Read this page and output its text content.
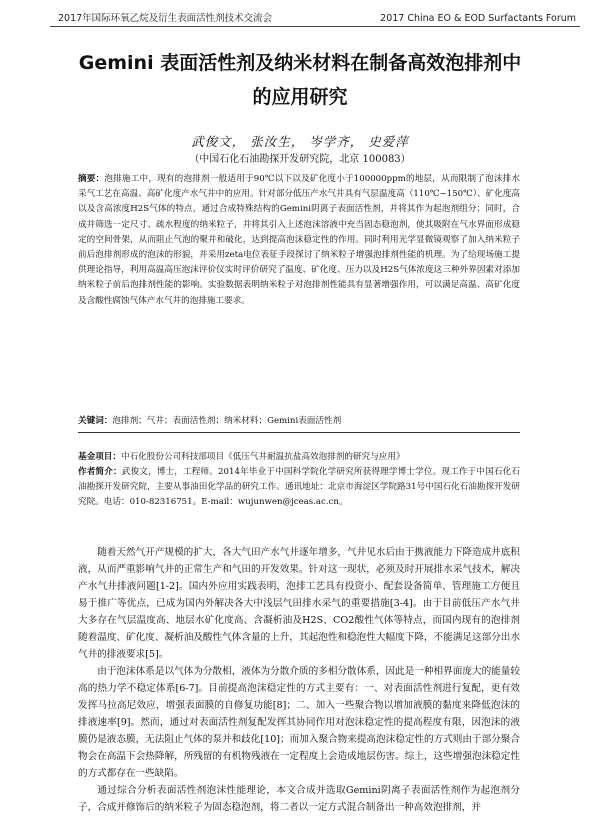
2017年国际环氧乙烷及衍生表面活性剂技术交流会	2017 China EO & EOD Surfactants Forum
Gemini 表面活性剂及纳米材料在制备高效泡排剂中
的应用研究
武俊文， 张汝生， 岑学齐， 史爱萍
（中国石化石油勘探开发研究院，北京 100083）
摘要：泡排施工中，现有的泡排剂一般适用于90℃以下以及矿化度小于100000ppm的地层，从而限制了泡沫排水采气工艺在高温、高矿化度产水气井中的应用。针对部分低压产水气井具有气层温度高（110℃~150℃）、矿化度高以及含高浓度H2S气体的特点，通过合成特殊结构的Gemini阴离子表面活性剂，并将其作为起泡剂组分；同时，合成并筛选一定尺寸、疏水程度的纳米粒子，并将其引入上述泡沫溶液中充当固态稳泡剂，使其吸附在气水界面形成稳定的空间骨架，从而阻止气泡的聚并和破化，达到提高泡沫稳定性的作用。同时利用光学显微镜观察了加入纳米粒子前后泡排剂形成的泡沫的形貌，并采用zeta电位表征手段探讨了纳米粒子增强泡排剂性能的机理。为了给现场施工提供理论指导，利用高温高压泡沫评价仪实时评价研究了温度、矿化度、压力以及H2S气体浓度这三种外界因素对添加纳米粒子前后泡排剂性能的影响。实验数据表明纳米粒子对泡排剂性能具有显著增强作用，可以满足高温、高矿化度及含酸性腐蚀气体产水气井的泡排施工要求。
关键词：泡排剂；气井；表面活性剂；纳米材料；Gemini表面活性剂
基金项目：中石化股份公司科技部项目《低压气井耐温抗盐高效泡排剂的研究与应用》
作者简介：武俊文，博士，工程师。2014年毕业于中国科学院化学研究所获得理学博士学位。现工作于中国石化石油勘探开发研究院，主要从事油田化学品的研究工作。通讯地址：北京市海淀区学院路31号中国石化石油勘探开发研究院。电话：010-82316751。E-mail：wujunwen@jceas.ac.cn。

随着天然气开产规模的扩大，各大气田产水气井逐年增多，气井见水后由于携液能力下降造成井底积液，从而严重影响气井的正常生产和气田的开发效果。针对这一现状，必须及时开展排水采气技术，解决产水气井排液问题[1-2]。国内外应用实践表明，泡排工艺具有投资小、配套设备简单、管理施工方便且易于推广等优点，已成为国内外解决各大中浅层气田排水采气的重要措施[3-4]。由于目前低压产水气井大多存在气层温度高、地层水矿化度高、含凝析油及H2S、CO2酸性气体等特点，而国内现有的泡排剂随着温度、矿化度、凝析油及酸性气体含量的上升，其起泡性和稳泡性大幅度下降，不能满足这部分出水气井的排液要求[5]。

由于泡沫体系是以气体为分散相，液体为分散介质的多相分散体系，因此是一种相界面庞大的能量较高的热力学不稳定体系[6-7]。目前提高泡沫稳定性的方式主要有：一、对表面活性剂进行复配，更有效发挥马拉高尼效应，增强表面膜的自修复功能[8]；二、加入一些聚合物以增加液膜的黏度来降低泡沫的排液速率[9]。然而，通过对表面活性剂复配发挥其协同作用对泡沫稳定性的提高程度有限，因泡沫的液膜仍是液态膜，无法阻止气体的泵并和歧化[10]；而加入聚合物来提高泡沫稳定性的方式则由于部分聚合物会在高温下会热降解，所残留的有机物残液在一定程度上会造成地层伤害。综上，这些增强泡沫稳定性的方式都存在一些缺陷。

通过综合分析表面活性剂泡沫性能理论，本文合成并选取Gemini阴离子表面活性剂作为起泡剂分子，合成并修饰后的纳米粒子为固态稳泡剂，将二者以一定方式混合制备出一种高效泡排剂，并
